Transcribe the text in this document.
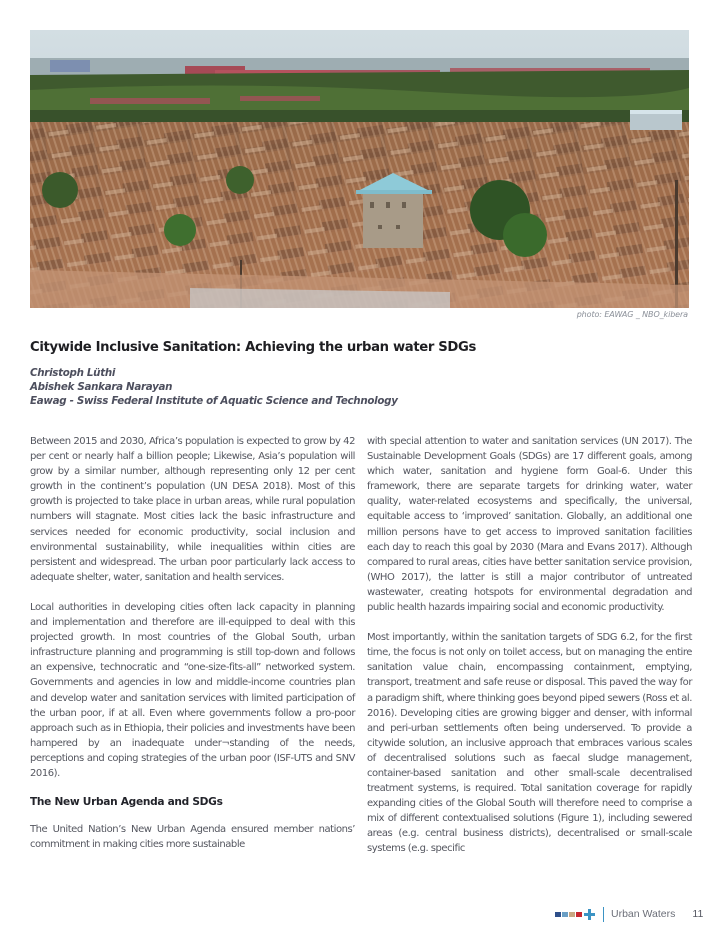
photo: EAWAG _ NBO_kibera
Citywide Inclusive Sanitation: Achieving the urban water SDGs
Christoph Lüthi
Abishek Sankara Narayan
Eawag - Swiss Federal Institute of Aquatic Science and Technology

Between 2015 and 2030, Africa’s population is expected to grow by 42 per cent or nearly half a billion people; Likewise, Asia’s population will grow by a similar number, although representing only 12 per cent growth in the continent’s population (UN DESA 2018). Most of this growth is projected to take place in urban areas, while rural population numbers will stagnate. Most cities lack the basic infrastructure and services needed for economic productivity, social inclusion and environmental sustainability, while inequalities within cities are persistent and widespread. The urban poor particularly lack access to adequate shelter, water, sanitation and health services.

Local authorities in developing cities often lack capacity in planning and implementation and therefore are ill-equipped to deal with this projected growth. In most countries of the Global South, urban infrastructure planning and programming is still top-down and follows an expensive, technocratic and “one-size-fits-all” networked system. Governments and agencies in low and middle-income countries plan and develop water and sanitation services with limited participation of the urban poor, if at all. Even where governments follow a pro-poor approach such as in Ethiopia, their policies and investments have been hampered by an inadequate under¬standing of the needs, perceptions and coping strategies of the urban poor (ISF-UTS and SNV 2016).

The New Urban Agenda and SDGs

The United Nation’s New Urban Agenda ensured member nations’ commitment in making cities more sustainable

with special attention to water and sanitation services (UN 2017). The Sustainable Development Goals (SDGs) are 17 different goals, among which water, sanitation and hygiene form Goal-6. Under this framework, there are separate targets for drinking water, water quality, water-related ecosystems and specifically, the universal, equitable access to ‘improved’ sanitation. Globally, an additional one million persons have to get access to improved sanitation facilities each day to reach this goal by 2030 (Mara and Evans 2017). Although compared to rural areas, cities have better sanitation service provision, (WHO 2017), the latter is still a major contributor of untreated wastewater, creating hotspots for environmental degradation and public health hazards impairing social and economic productivity.

Most importantly, within the sanitation targets of SDG 6.2, for the first time, the focus is not only on toilet access, but on managing the entire sanitation value chain, encompassing containment, emptying, transport, treatment and safe reuse or disposal. This paved the way for a paradigm shift, where thinking goes beyond piped sewers (Ross et al. 2016). Developing cities are growing bigger and denser, with informal and peri-urban settlements often being underserved. To provide a citywide solution, an inclusive approach that embraces various scales of decentralised solutions such as faecal sludge management, container-based sanitation and other small-scale decentralised treatment systems, is required. Total sanitation coverage for rapidly expanding cities of the Global South will therefore need to comprise a mix of different contextualised solutions (Figure 1), including sewered areas (e.g. central business districts), decentralised or small-scale systems (e.g. specific

Urban Waters 11
